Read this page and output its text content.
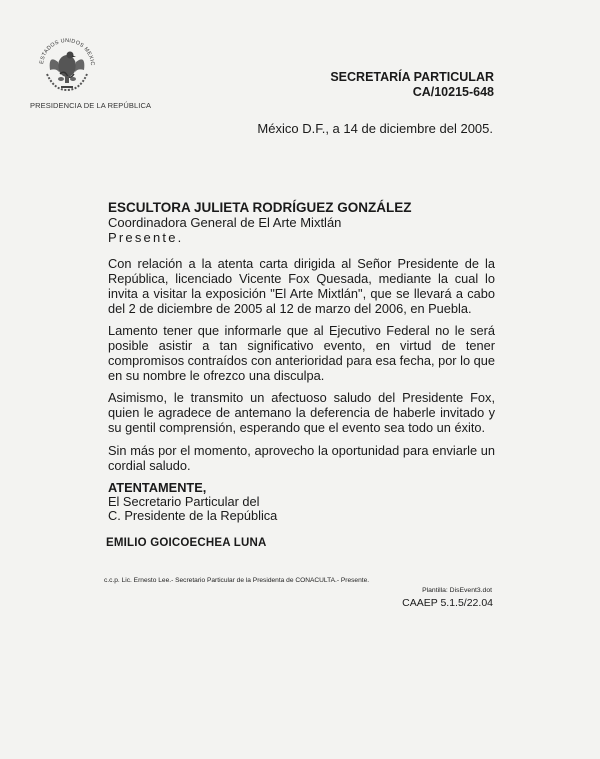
ESTADOS UNIDOS MEXIC
PRESIDENCIA DE LA REPÚBLICA
SECRETARÍA PARTICULAR
CA/10215-648
México D.F., a 14 de diciembre del 2005.
ESCULTORA JULIETA RODRÍGUEZ GONZÁLEZ
Coordinadora General de El Arte Mixtlán
Presente.

Con relación a la atenta carta dirigida al Señor Presidente de la República, licenciado Vicente Fox Quesada, mediante la cual lo invita a visitar la exposición "El Arte Mixtlán", que se llevará a cabo del 2 de diciembre de 2005 al 12 de marzo del 2006, en Puebla.

Lamento tener que informarle que al Ejecutivo Federal no le será posible asistir a tan significativo evento, en virtud de tener compromisos contraídos con anterioridad para esa fecha, por lo que en su nombre le ofrezco una disculpa.

Asimismo, le transmito un afectuoso saludo del Presidente Fox, quien le agradece de antemano la deferencia de haberle invitado y su gentil comprensión, esperando que el evento sea todo un éxito.

Sin más por el momento, aprovecho la oportunidad para enviarle un cordial saludo.

ATENTAMENTE,
El Secretario Particular del
C. Presidente de la República
EMILIO GOICOECHEA LUNA
c.c.p. Lic. Ernesto Lee.- Secretario Particular de la Presidenta de CONACULTA.- Presente.
Plantilla: DisEvent3.dot
CAAEP 5.1.5/22.04
